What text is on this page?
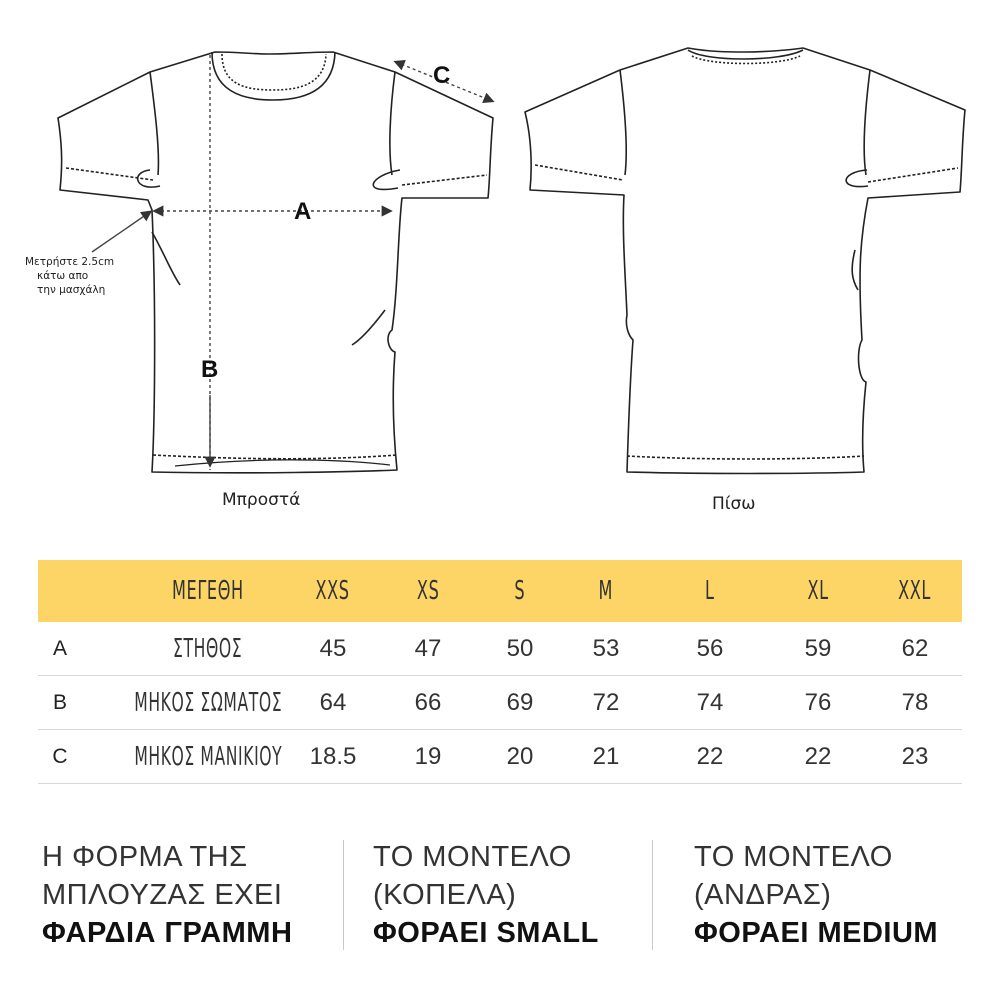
A
B
C
Μετρήστε 2.5cm
κάτω απο
την μασχάλη
Μπροστά	Πίσω
ΜΕΓΕΘΗ	XXS	XS	S	M	L	XL	XXL
A	ΣΤΗΘΟΣ	45	47	50	53	56	59	62
B	ΜΗΚΟΣ ΣΩΜΑΤΟΣ	64	66	69	72	74	76	78
C	ΜΗΚΟΣ ΜΑΝΙΚΙΟΥ	18.5	19	20	21	22	22	23
Η ΦΟΡΜΑ ΤΗΣ
ΜΠΛΟΥΖΑΣ ΕΧΕΙ
ΦΑΡΔΙΑ ΓΡΑΜΜΗ
ΤΟ ΜΟΝΤΕΛΟ
(ΚΟΠΕΛΑ)
ΦΟΡΑΕΙ SMALL
ΤΟ ΜΟΝΤΕΛΟ
(ΑΝΔΡΑΣ)
ΦΟΡΑΕΙ MEDIUM
